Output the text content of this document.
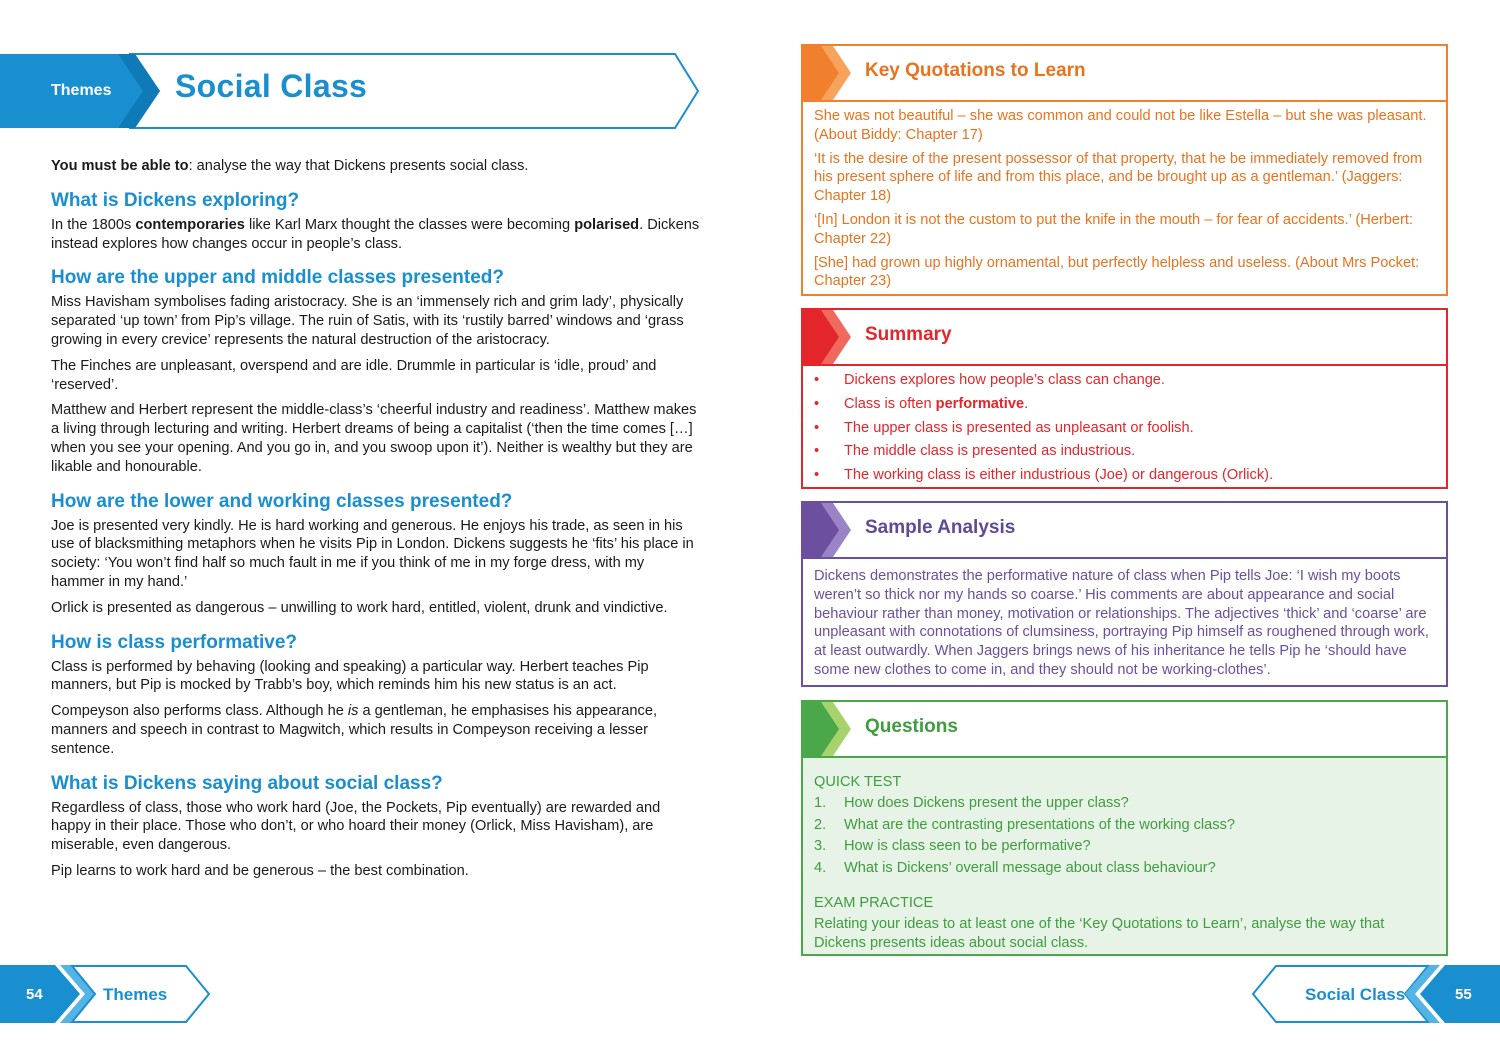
Themes Social Class

You must be able to: analyse the way that Dickens presents social class.

What is Dickens exploring?

In the 1800s contemporaries like Karl Marx thought the classes were becoming polarised. Dickens instead explores how changes occur in people’s class.

How are the upper and middle classes presented?

Miss Havisham symbolises fading aristocracy. She is an ‘immensely rich and grim lady’, physically separated ‘up town’ from Pip’s village. The ruin of Satis, with its ‘rustily barred’ windows and ‘grass growing in every crevice’ represents the natural destruction of the aristocracy.

The Finches are unpleasant, overspend and are idle. Drummle in particular is ‘idle, proud’ and ‘reserved’.

Matthew and Herbert represent the middle-class’s ‘cheerful industry and readiness’. Matthew makes a living through lecturing and writing. Herbert dreams of being a capitalist (‘then the time comes […] when you see your opening. And you go in, and you swoop upon it’). Neither is wealthy but they are likable and honourable.

How are the lower and working classes presented?

Joe is presented very kindly. He is hard working and generous. He enjoys his trade, as seen in his use of blacksmithing metaphors when he visits Pip in London. Dickens suggests he ‘fits’ his place in society: ‘You won’t find half so much fault in me if you think of me in my forge dress, with my hammer in my hand.’

Orlick is presented as dangerous – unwilling to work hard, entitled, violent, drunk and vindictive.

How is class performative?

Class is performed by behaving (looking and speaking) a particular way. Herbert teaches Pip manners, but Pip is mocked by Trabb’s boy, which reminds him his new status is an act.

Compeyson also performs class. Although he is a gentleman, he emphasises his appearance, manners and speech in contrast to Magwitch, which results in Compeyson receiving a lesser sentence.

What is Dickens saying about social class?

Regardless of class, those who work hard (Joe, the Pockets, Pip eventually) are rewarded and happy in their place. Those who don’t, or who hoard their money (Orlick, Miss Havisham), are miserable, even dangerous.

Pip learns to work hard and be generous – the best combination.

Key Quotations to Learn

She was not beautiful – she was common and could not be like Estella – but she was pleasant. (About Biddy: Chapter 17)

‘It is the desire of the present possessor of that property, that he be immediately removed from his present sphere of life and from this place, and be brought up as a gentleman.’ (Jaggers: Chapter 18)

‘[In] London it is not the custom to put the knife in the mouth – for fear of accidents.’ (Herbert: Chapter 22)

[She] had grown up highly ornamental, but perfectly helpless and useless. (About Mrs Pocket: Chapter 23)

Summary
• Dickens explores how people’s class can change.
• Class is often performative.
• The upper class is presented as unpleasant or foolish.
• The middle class is presented as industrious.
• The working class is either industrious (Joe) or dangerous (Orlick).
Sample Analysis
Dickens demonstrates the performative nature of class when Pip tells Joe: ‘I wish my boots weren’t so thick nor my hands so coarse.’ His comments are about appearance and social behaviour rather than money, motivation or relationships. The adjectives ‘thick’ and ‘coarse’ are unpleasant with connotations of clumsiness, portraying Pip himself as roughened through work, at least outwardly. When Jaggers brings news of his inheritance he tells Pip he ‘should have some new clothes to come in, and they should not be working-clothes’.
Questions
QUICK TEST
1.	How does Dickens present the upper class?
2.	What are the contrasting presentations of the working class?
3.	How is class seen to be performative?
4.	What is Dickens’ overall message about class behaviour?
EXAM PRACTICE
Relating your ideas to at least one of the ‘Key Quotations to Learn’, analyse the way that Dickens presents ideas about social class.
54	Themes	Social Class	55
